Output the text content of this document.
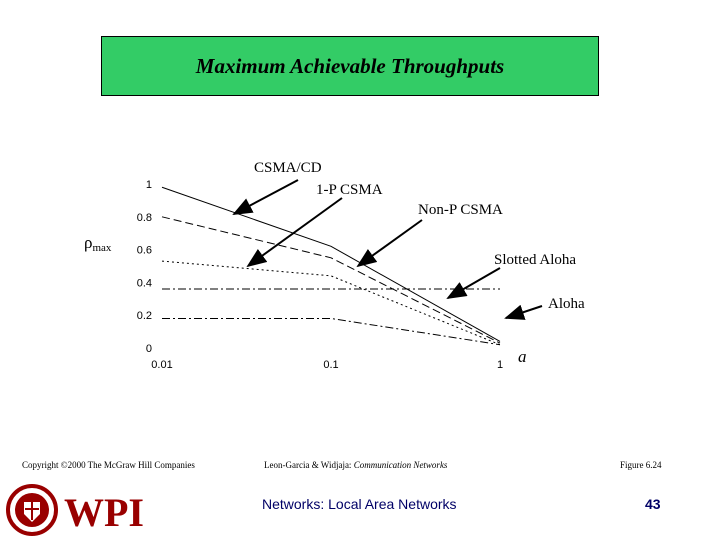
Maximum Achievable Throughputs
0
0.2
0.4
0.6
0.8
1
0.01	0.1	1
CSMA/CD
1-P CSMA
Non-P CSMA
Slotted Aloha
Aloha
ρmax
a
Copyright ©2000 The McGraw Hill Companies	Leon-Garcia & Widjaja: Communication Networks	Figure 6.24
WPI	Networks: Local Area Networks	43
